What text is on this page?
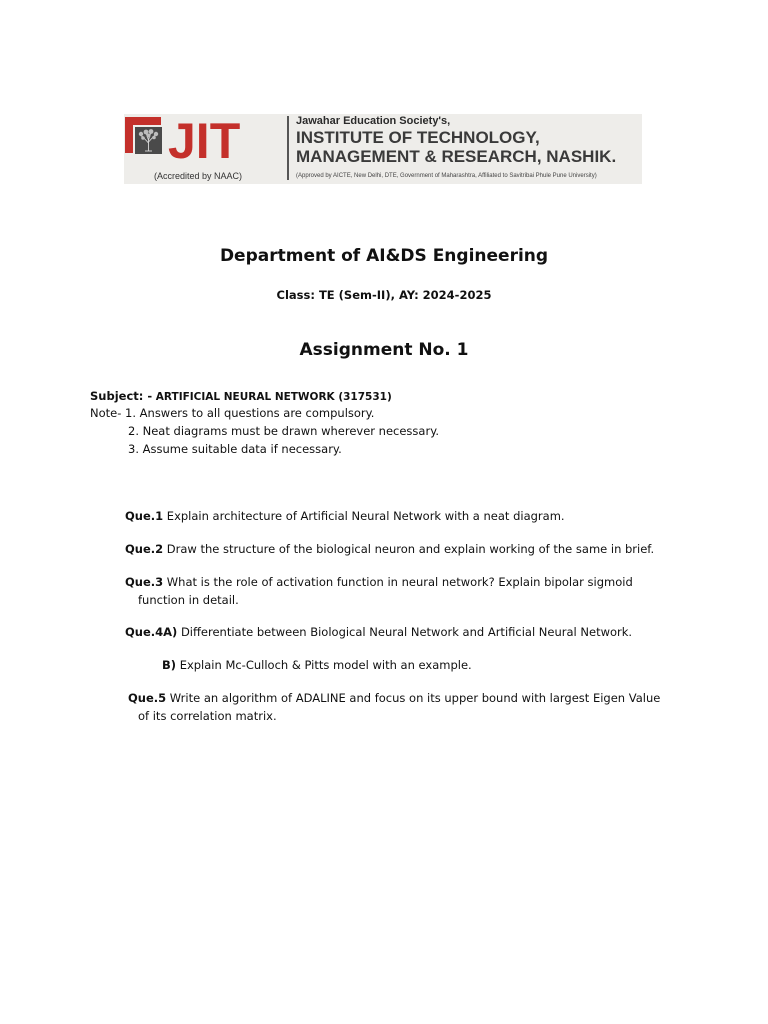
JIT
(Accredited by NAAC)
Jawahar Education Society's,
INSTITUTE OF TECHNOLOGY,
MANAGEMENT & RESEARCH, NASHIK.
(Approved by AICTE, New Delhi, DTE, Government of Maharashtra, Affiliated to Savitribai Phule Pune University)
Department of AI&DS Engineering
Class: TE (Sem-II), AY: 2024-2025
Assignment No. 1
Subject: - ARTIFICIAL NEURAL NETWORK (317531)
Note- 1. Answers to all questions are compulsory.
2. Neat diagrams must be drawn wherever necessary.
3. Assume suitable data if necessary.
Que.1 Explain architecture of Artificial Neural Network with a neat diagram.
Que.2 Draw the structure of the biological neuron and explain working of the same in brief.
Que.3 What is the role of activation function in neural network? Explain bipolar sigmoid
function in detail.
Que.4A) Differentiate between Biological Neural Network and Artificial Neural Network.
B) Explain Mc-Culloch & Pitts model with an example.
Que.5 Write an algorithm of ADALINE and focus on its upper bound with largest Eigen Value
of its correlation matrix.
